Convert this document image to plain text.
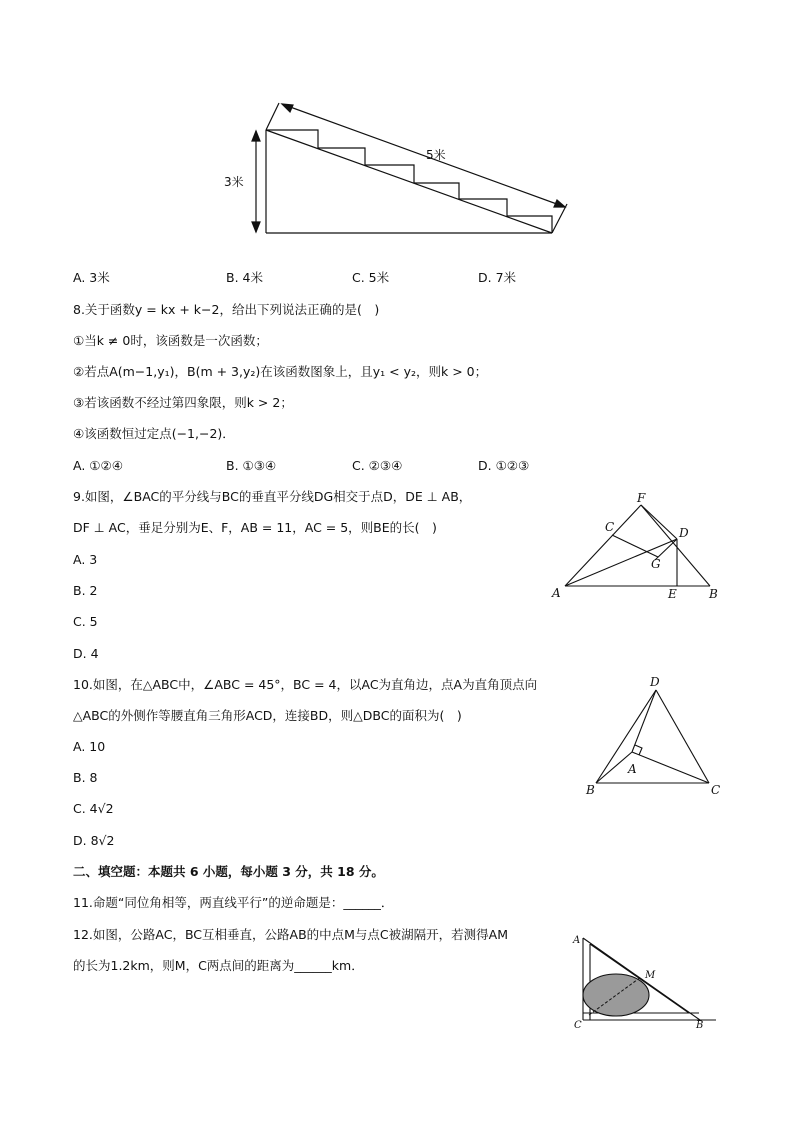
5米
3米
A. 3米	B. 4米	C. 5米	D. 7米
8.关于函数y = kx + k−2，给出下列说法正确的是(　)
①当k ≠ 0时，该函数是一次函数；
②若点A(m−1,y₁)，B(m + 3,y₂)在该函数图象上，且y₁ < y₂，则k > 0；
③若该函数不经过第四象限，则k > 2；
④该函数恒过定点(−1,−2)．
A. ①②④	B. ①③④	C. ②③④	D. ①②③
9.如图，∠BAC的平分线与BC的垂直平分线DG相交于点D，DE ⊥ AB，
DF ⊥ AC，垂足分别为E、F，AB = 11，AC = 5，则BE的长(　)
A. 3
B. 2
C. 5
D. 4
F
C	D
G
A	E	B
10.如图，在△ABC中，∠ABC = 45°，BC = 4，以AC为直角边，点A为直角顶点向
△ABC的外侧作等腰直角三角形ACD，连接BD，则△DBC的面积为(　)
A. 10
B. 8
C. 4√2
D. 8√2
D
A
B	C
二、填空题：本题共 6 小题，每小题 3 分，共 18 分。
11.命题“同位角相等，两直线平行”的逆命题是：______．
12.如图，公路AC，BC互相垂直，公路AB的中点M与点C被湖隔开，若测得AM
的长为1.2km，则M，C两点间的距离为______km．
A
M
C	B
